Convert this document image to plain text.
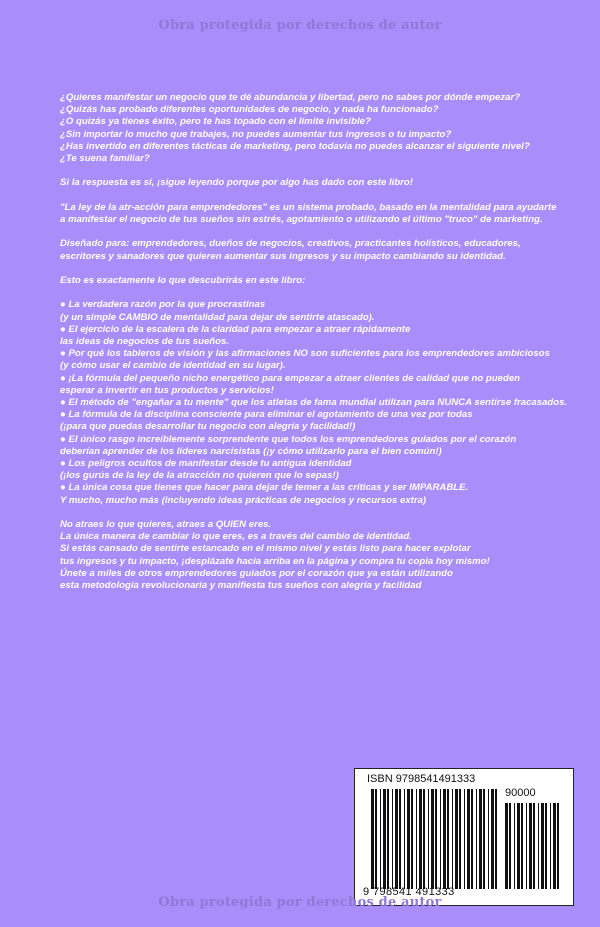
Obra protegida por derechos de autor
¿Quieres manifestar un negocio que te dé abundancia y libertad, pero no sabes por dónde empezar?
¿Quizás has probado diferentes oportunidades de negocio, y nada ha funcionado?
¿O quizás ya tienes éxito, pero te has topado con el límite invisible?
¿Sin importar lo mucho que trabajes, no puedes aumentar tus ingresos o tu impacto?
¿Has invertido en diferentes tácticas de marketing, pero todavía no puedes alcanzar el siguiente nivel?
¿Te suena familiar?
Si la respuesta es sí, ¡sigue leyendo porque por algo has dado con este libro!
"La ley de la atr-acción para emprendedores" es un sistema probado, basado en la mentalidad para ayudarte
a manifestar el negocio de tus sueños sin estrés, agotamiento o utilizando el último "truco" de marketing.
Diseñado para: emprendedores, dueños de negocios, creativos, practicantes holísticos, educadores,
escritores y sanadores que quieren aumentar sus ingresos y su impacto cambiando su identidad.
Esto es exactamente lo que descubrirás en este libro:
● La verdadera razón por la que procrastinas
(y un simple CAMBIO de mentalidad para dejar de sentirte atascado).
● El ejercicio de la escalera de la claridad para empezar a atraer rápidamente
las ideas de negocios de tus sueños.
● Por qué los tableros de visión y las afirmaciones NO son suficientes para los emprendedores ambiciosos
(y cómo usar el cambio de identidad en su lugar).
● ¡La fórmula del pequeño nicho energético para empezar a atraer clientes de calidad que no pueden
esperar a invertir en tus productos y servicios!
● El método de "engañar a tu mente" que los atletas de fama mundial utilizan para NUNCA sentirse fracasados.
● La fórmula de la disciplina consciente para eliminar el agotamiento de una vez por todas
(¡para que puedas desarrollar tu negocio con alegría y facilidad!)
● El único rasgo increíblemente sorprendente que todos los emprendedores guiados por el corazón
deberían aprender de los líderes narcisistas (¡y cómo utilizarlo para el bien común!)
● Los peligros ocultos de manifestar desde tu antigua identidad
(¡los gurús de la ley de la atracción no quieren que lo sepas!)
● La única cosa que tienes que hacer para dejar de temer a las críticas y ser IMPARABLE.
Y mucho, mucho más (incluyendo ideas prácticas de negocios y recursos extra)
No atraes lo que quieres, atraes a QUIEN eres.
La única manera de cambiar lo que eres, es a través del cambio de identidad.
Si estás cansado de sentirte estancado en el mismo nivel y estás listo para hacer explotar
tus ingresos y tu impacto, ¡desplázate hacia arriba en la página y compra tu copia hoy mismo!
Únete a miles de otros emprendedores guiados por el corazón que ya están utilizando
esta metodología revolucionaria y manifiesta tus sueños con alegría y facilidad
ISBN 9798541491333
90000
9 798541 491333
Obra protegida por derechos de autor
